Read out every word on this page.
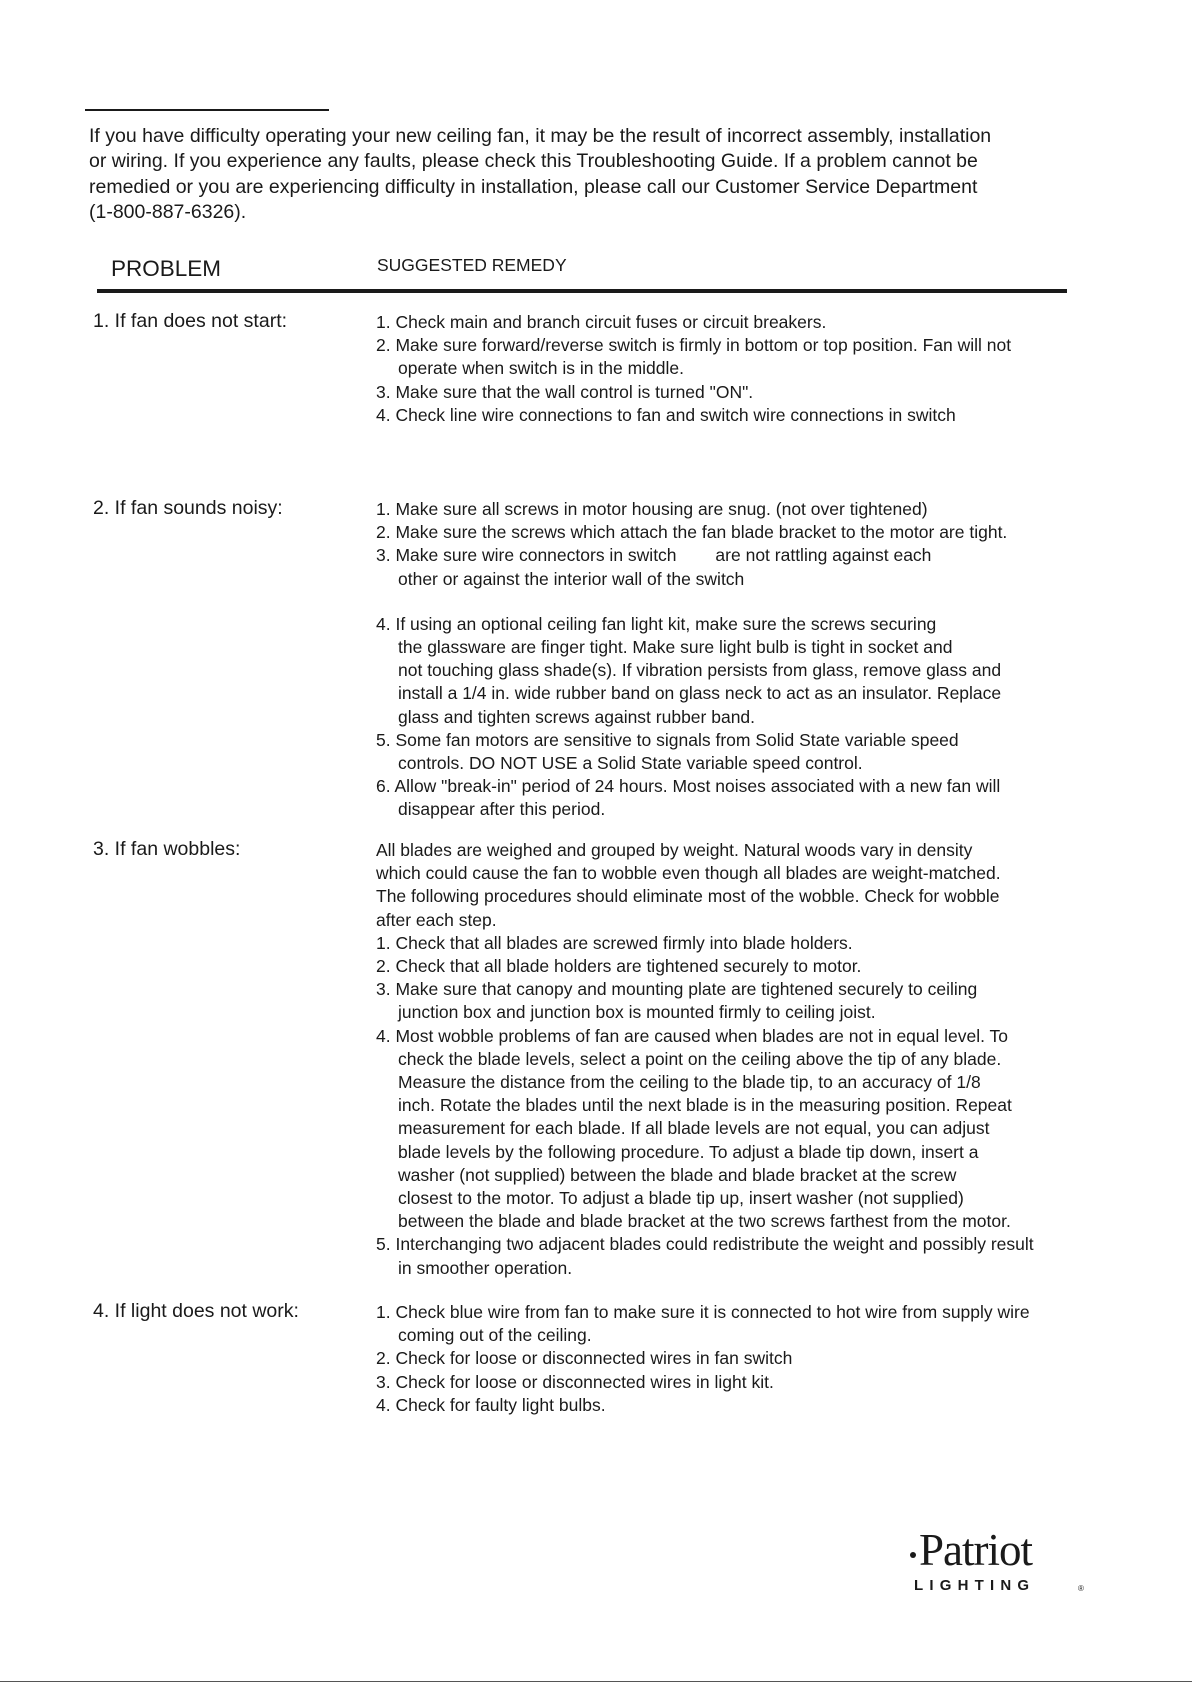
If you have difficulty operating your new ceiling fan, it may be the result of incorrect assembly, installation
or wiring. If you experience any faults, please check this Troubleshooting Guide. If a problem cannot be
remedied or you are experiencing difficulty in installation, please call our Customer Service Department
(1-800-887-6326).

PROBLEM	SUGGESTED REMEDY
1. If fan does not start:	1. Check main and branch circuit fuses or circuit breakers.
2. Make sure forward/reverse switch is firmly in bottom or top position. Fan will not
operate when switch is in the middle.
3. Make sure that the wall control is turned "ON".
4. Check line wire connections to fan and switch wire connections in switch
2. If fan sounds noisy:	1. Make sure all screws in motor housing are snug. (not over tightened)
2. Make sure the screws which attach the fan blade bracket to the motor are tight.
3. Make sure wire connectors in switch        are not rattling against each
other or against the interior wall of the switch
4. If using an optional ceiling fan light kit, make sure the screws securing
the glassware are finger tight. Make sure light bulb is tight in socket and
not touching glass shade(s). If vibration persists from glass, remove glass and
install a 1/4 in. wide rubber band on glass neck to act as an insulator. Replace
glass and tighten screws against rubber band.
5. Some fan motors are sensitive to signals from Solid State variable speed
controls. DO NOT USE a Solid State variable speed control.
6. Allow "break-in" period of 24 hours. Most noises associated with a new fan will
disappear after this period.
3. If fan wobbles:	All blades are weighed and grouped by weight. Natural woods vary in density
which could cause the fan to wobble even though all blades are weight-matched.
The following procedures should eliminate most of the wobble. Check for wobble
after each step.
1. Check that all blades are screwed firmly into blade holders.
2. Check that all blade holders are tightened securely to motor.
3. Make sure that canopy and mounting plate are tightened securely to ceiling
junction box and junction box is mounted firmly to ceiling joist.
4. Most wobble problems of fan are caused when blades are not in equal level. To
check the blade levels, select a point on the ceiling above the tip of any blade.
Measure the distance from the ceiling to the blade tip, to an accuracy of 1/8
inch. Rotate the blades until the next blade is in the measuring position. Repeat
measurement for each blade. If all blade levels are not equal, you can adjust
blade levels by the following procedure. To adjust a blade tip down, insert a
washer (not supplied) between the blade and blade bracket at the screw
closest to the motor. To adjust a blade tip up, insert washer (not supplied)
between the blade and blade bracket at the two screws farthest from the motor.
5. Interchanging two adjacent blades could redistribute the weight and possibly result
in smoother operation.
4. If light does not work:	1. Check blue wire from fan to make sure it is connected to hot wire from supply wire
coming out of the ceiling.
2. Check for loose or disconnected wires in fan switch
3. Check for loose or disconnected wires in light kit.
4. Check for faulty light bulbs.
Patriot
LIGHTING	®
